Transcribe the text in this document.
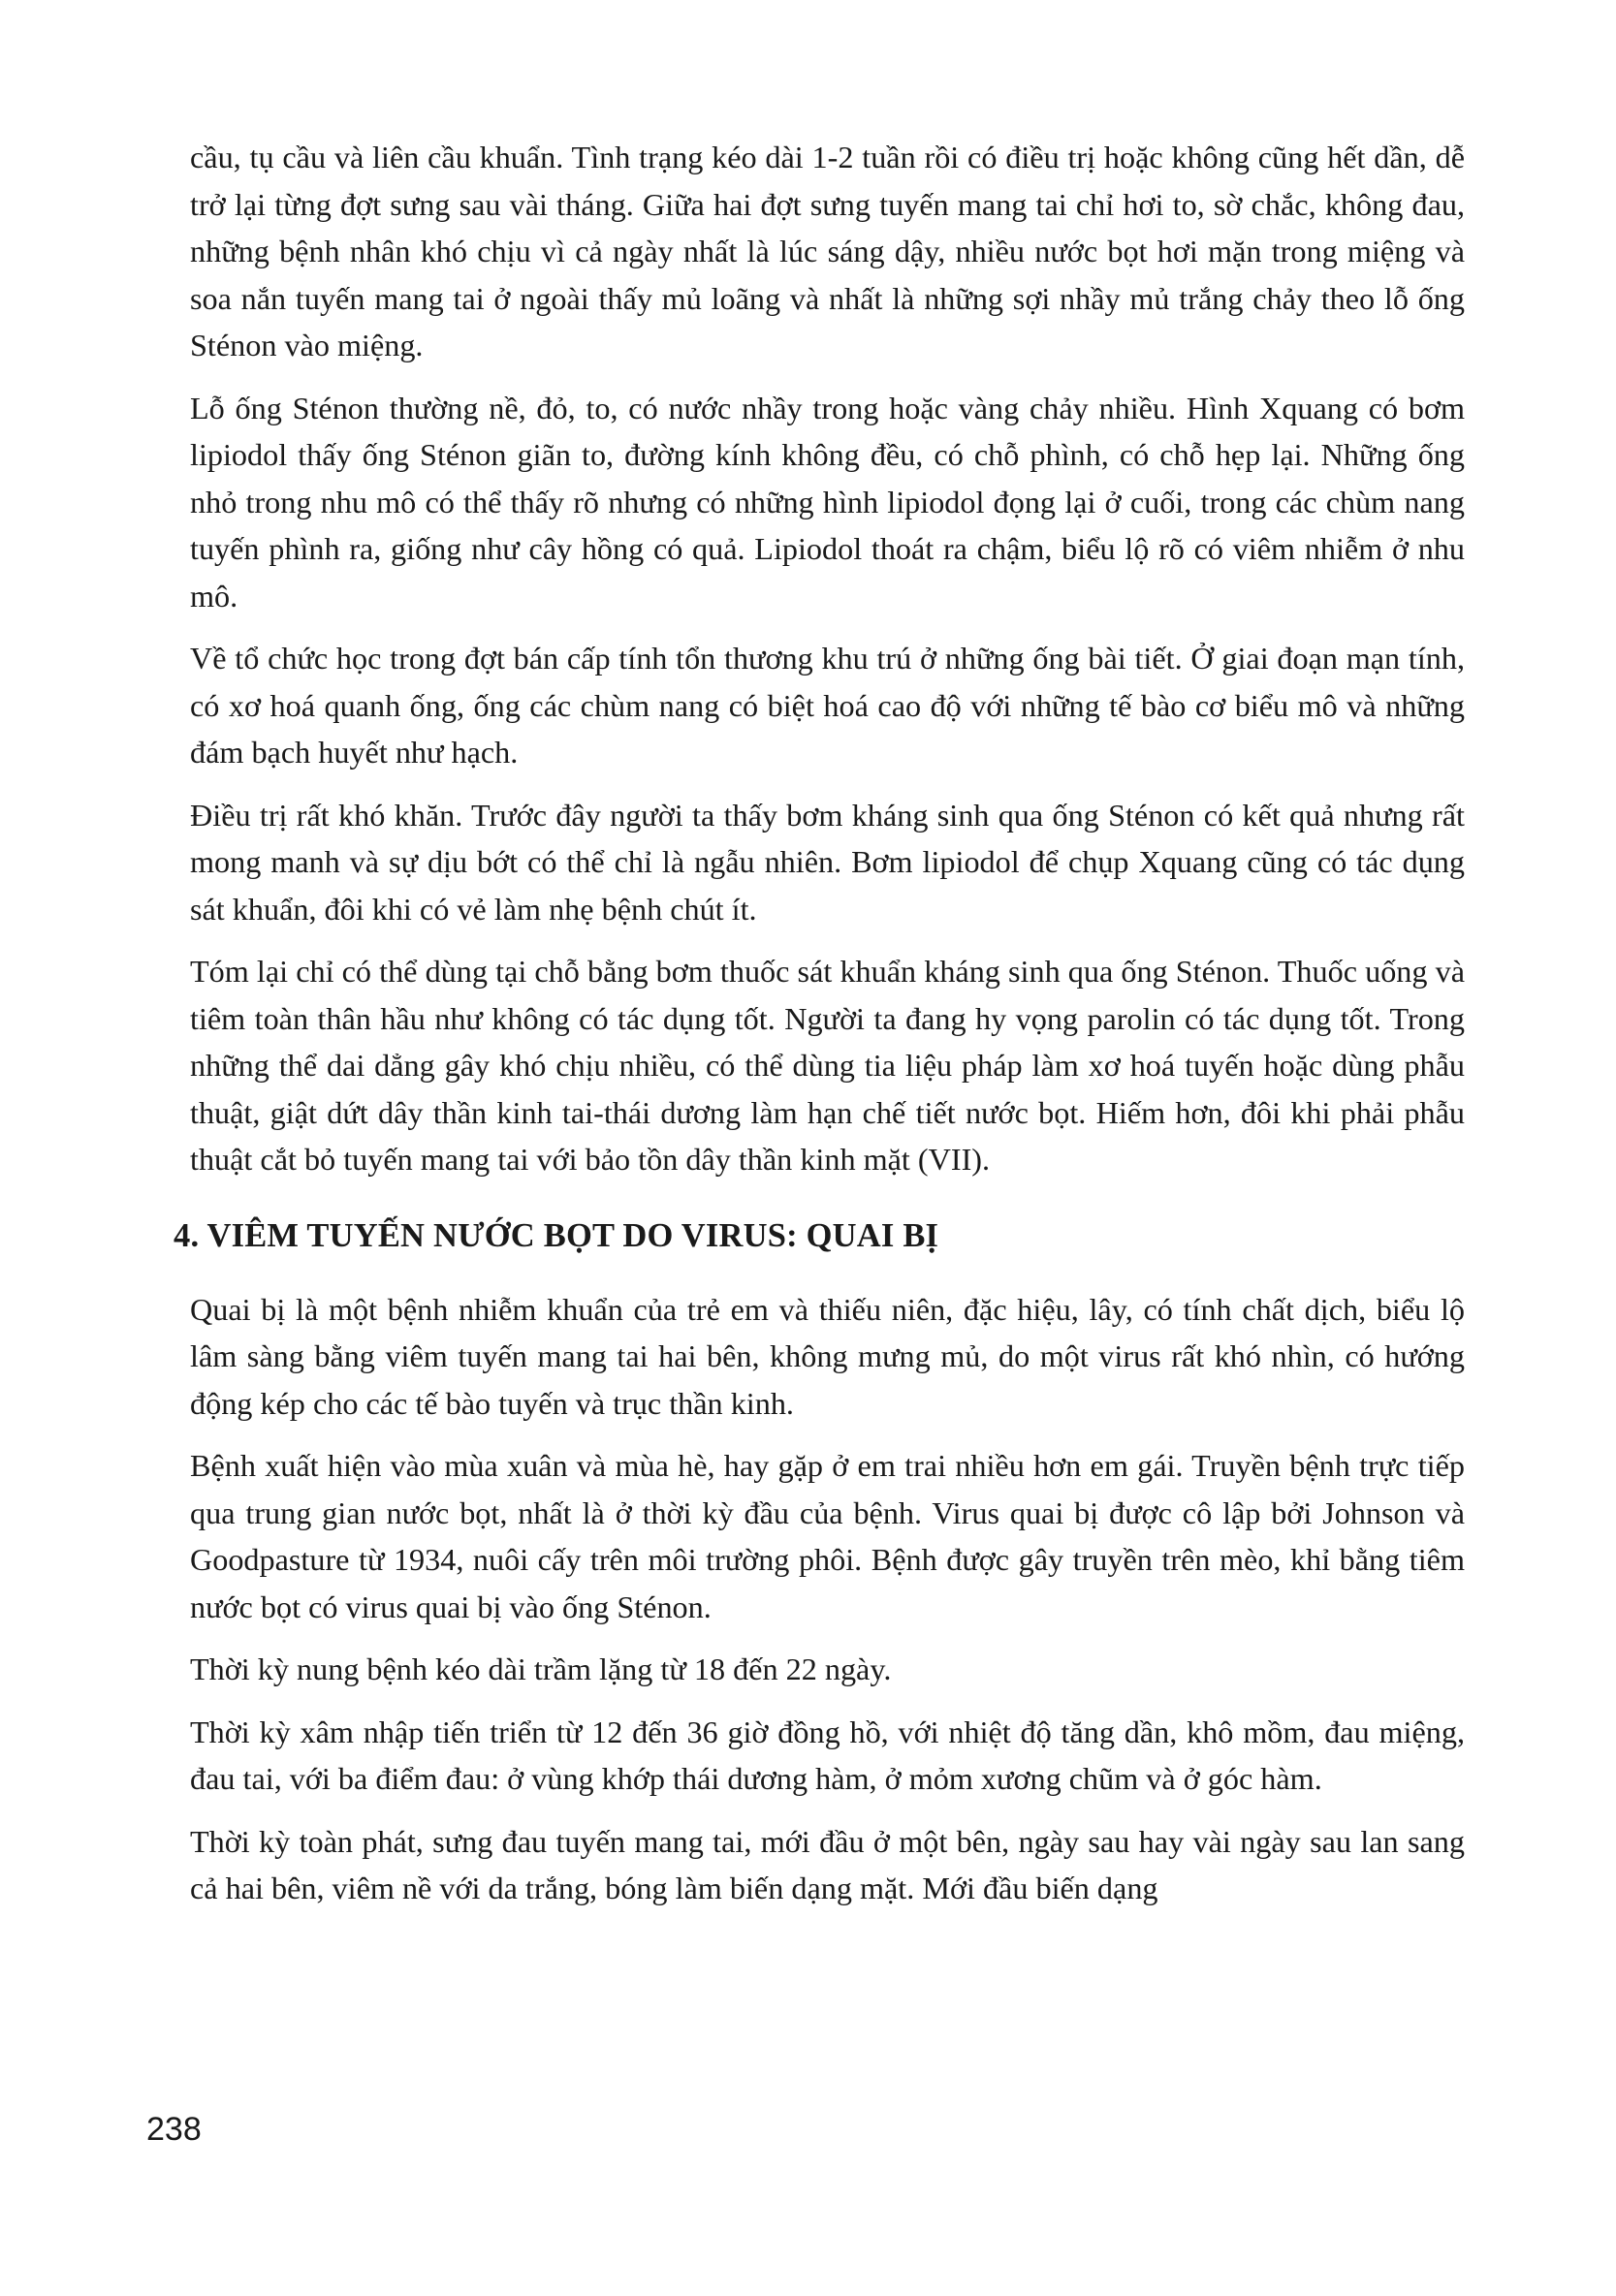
cầu, tụ cầu và liên cầu khuẩn. Tình trạng kéo dài 1-2 tuần rồi có điều trị hoặc không cũng hết dần, dễ trở lại từng đợt sưng sau vài tháng. Giữa hai đợt sưng tuyến mang tai chỉ hơi to, sờ chắc, không đau, những bệnh nhân khó chịu vì cả ngày nhất là lúc sáng dậy, nhiều nước bọt hơi mặn trong miệng và soa nắn tuyến mang tai ở ngoài thấy mủ loãng và nhất là những sợi nhầy mủ trắng chảy theo lỗ ống Sténon vào miệng.

Lỗ ống Sténon thường nề, đỏ, to, có nước nhầy trong hoặc vàng chảy nhiều. Hình Xquang có bơm lipiodol thấy ống Sténon giãn to, đường kính không đều, có chỗ phình, có chỗ hẹp lại. Những ống nhỏ trong nhu mô có thể thấy rõ nhưng có những hình lipiodol đọng lại ở cuối, trong các chùm nang tuyến phình ra, giống như cây hồng có quả. Lipiodol thoát ra chậm, biểu lộ rõ có viêm nhiễm ở nhu mô.

Về tổ chức học trong đợt bán cấp tính tổn thương khu trú ở những ống bài tiết. Ở giai đoạn mạn tính, có xơ hoá quanh ống, ống các chùm nang có biệt hoá cao độ với những tế bào cơ biểu mô và những đám bạch huyết như hạch.

Điều trị rất khó khăn. Trước đây người ta thấy bơm kháng sinh qua ống Sténon có kết quả nhưng rất mong manh và sự dịu bớt có thể chỉ là ngẫu nhiên. Bơm lipiodol để chụp Xquang cũng có tác dụng sát khuẩn, đôi khi có vẻ làm nhẹ bệnh chút ít.

Tóm lại chỉ có thể dùng tại chỗ bằng bơm thuốc sát khuẩn kháng sinh qua ống Sténon. Thuốc uống và tiêm toàn thân hầu như không có tác dụng tốt. Người ta đang hy vọng parolin có tác dụng tốt. Trong những thể dai dẳng gây khó chịu nhiều, có thể dùng tia liệu pháp làm xơ hoá tuyến hoặc dùng phẫu thuật, giật dứt dây thần kinh tai-thái dương làm hạn chế tiết nước bọt. Hiếm hơn, đôi khi phải phẫu thuật cắt bỏ tuyến mang tai với bảo tồn dây thần kinh mặt (VII).

4. VIÊM TUYẾN NƯỚC BỌT DO VIRUS: QUAI BỊ

Quai bị là một bệnh nhiễm khuẩn của trẻ em và thiếu niên, đặc hiệu, lây, có tính chất dịch, biểu lộ lâm sàng bằng viêm tuyến mang tai hai bên, không mưng mủ, do một virus rất khó nhìn, có hướng động kép cho các tế bào tuyến và trục thần kinh.

Bệnh xuất hiện vào mùa xuân và mùa hè, hay gặp ở em trai nhiều hơn em gái. Truyền bệnh trực tiếp qua trung gian nước bọt, nhất là ở thời kỳ đầu của bệnh. Virus quai bị được cô lập bởi Johnson và Goodpasture từ 1934, nuôi cấy trên môi trường phôi. Bệnh được gây truyền trên mèo, khỉ bằng tiêm nước bọt có virus quai bị vào ống Sténon.

Thời kỳ nung bệnh kéo dài trầm lặng từ 18 đến 22 ngày.

Thời kỳ xâm nhập tiến triển từ 12 đến 36 giờ đồng hồ, với nhiệt độ tăng dần, khô mồm, đau miệng, đau tai, với ba điểm đau: ở vùng khớp thái dương hàm, ở mỏm xương chũm và ở góc hàm.

Thời kỳ toàn phát, sưng đau tuyến mang tai, mới đầu ở một bên, ngày sau hay vài ngày sau lan sang cả hai bên, viêm nề với da trắng, bóng làm biến dạng mặt. Mới đầu biến dạng

238
